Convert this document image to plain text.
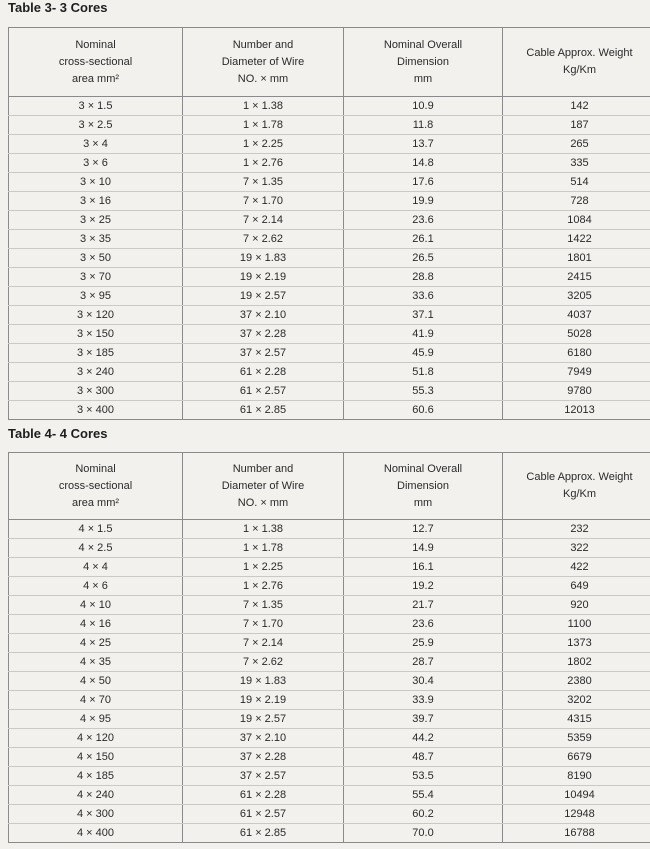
Table 3- 3 Cores
Nominal
cross-sectional
area mm²	Number and
Diameter of Wire
NO. × mm	Nominal Overall
Dimension
mm	Cable Approx. Weight
Kg/Km

3 × 1.5	1 × 1.38	10.9	142
3 × 2.5	1 × 1.78	11.8	187
3 × 4	1 × 2.25	13.7	265
3 × 6	1 × 2.76	14.8	335
3 × 10	7 × 1.35	17.6	514
3 × 16	7 × 1.70	19.9	728
3 × 25	7 × 2.14	23.6	1084
3 × 35	7 × 2.62	26.1	1422
3 × 50	19 × 1.83	26.5	1801
3 × 70	19 × 2.19	28.8	2415
3 × 95	19 × 2.57	33.6	3205
3 × 120	37 × 2.10	37.1	4037
3 × 150	37 × 2.28	41.9	5028
3 × 185	37 × 2.57	45.9	6180
3 × 240	61 × 2.28	51.8	7949
3 × 300	61 × 2.57	55.3	9780
3 × 400	61 × 2.85	60.6	12013
Table 4- 4 Cores
Nominal
cross-sectional
area mm²	Number and
Diameter of Wire
NO. × mm	Nominal Overall
Dimension
mm	Cable Approx. Weight
Kg/Km

4 × 1.5	1 × 1.38	12.7	232
4 × 2.5	1 × 1.78	14.9	322
4 × 4	1 × 2.25	16.1	422
4 × 6	1 × 2.76	19.2	649
4 × 10	7 × 1.35	21.7	920
4 × 16	7 × 1.70	23.6	1100
4 × 25	7 × 2.14	25.9	1373
4 × 35	7 × 2.62	28.7	1802
4 × 50	19 × 1.83	30.4	2380
4 × 70	19 × 2.19	33.9	3202
4 × 95	19 × 2.57	39.7	4315
4 × 120	37 × 2.10	44.2	5359
4 × 150	37 × 2.28	48.7	6679
4 × 185	37 × 2.57	53.5	8190
4 × 240	61 × 2.28	55.4	10494
4 × 300	61 × 2.57	60.2	12948
4 × 400	61 × 2.85	70.0	16788
